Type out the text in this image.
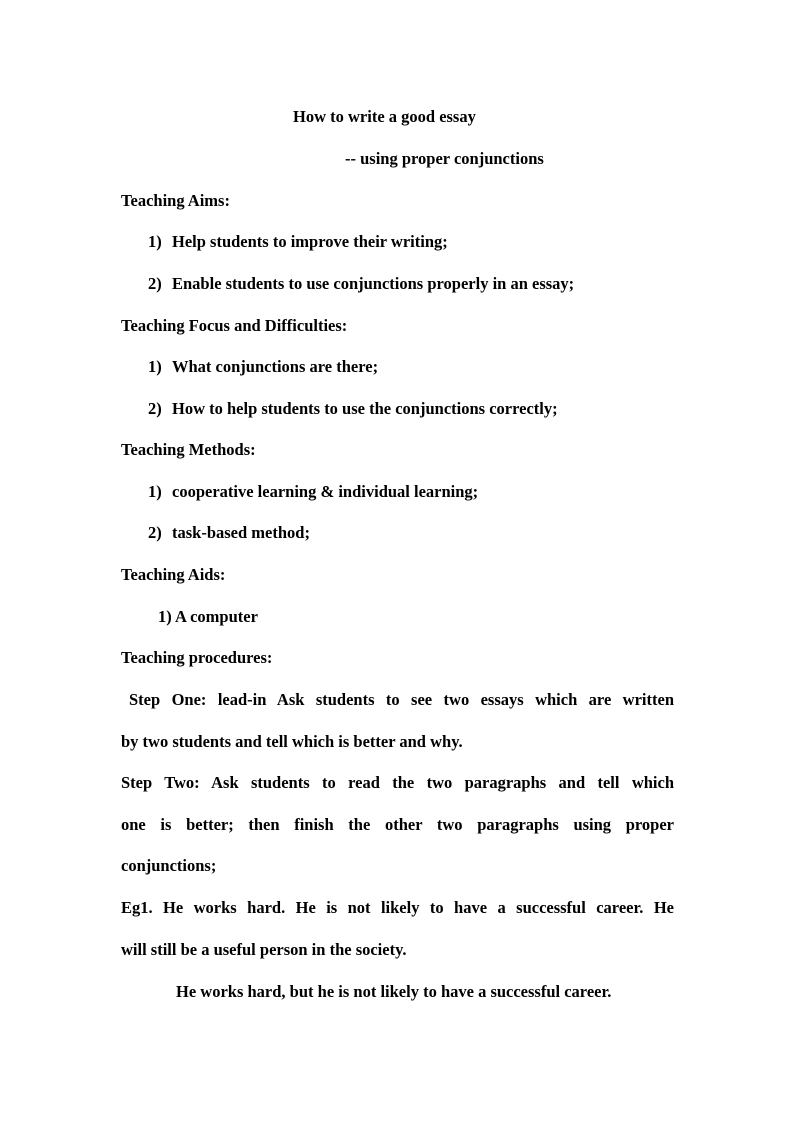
How to write a good essay
-- using proper conjunctions
Teaching Aims:
1) Help students to improve their writing;
2) Enable students to use conjunctions properly in an essay;
Teaching Focus and Difficulties:
1) What conjunctions are there;
2) How to help students to use the conjunctions correctly;
Teaching Methods:
1) cooperative learning & individual learning;
2) task-based method;
Teaching Aids:
1) A computer
Teaching procedures:
Step One: lead-in Ask students to see two essays which are written
by two students and tell which is better and why.
Step Two: Ask students to read the two paragraphs and tell which
one is better; then finish the other two paragraphs using proper
conjunctions;
Eg1. He works hard. He is not likely to have a successful career. He
will still be a useful person in the society.
He works hard, but he is not likely to have a successful career.
